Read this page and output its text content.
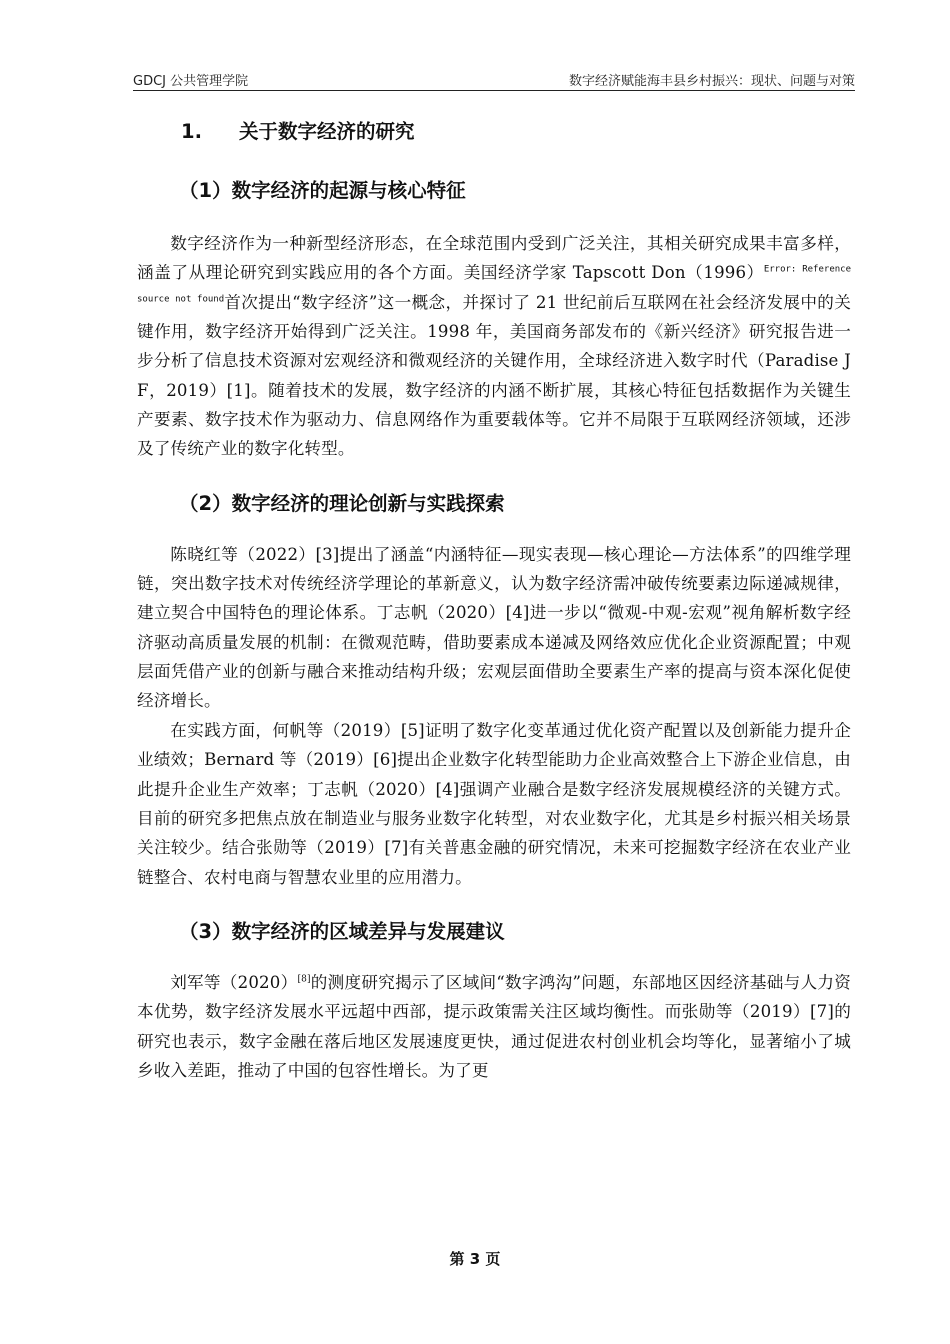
GDCJ 公共管理学院	数字经济赋能海丰县乡村振兴：现状、问题与对策
1. 关于数字经济的研究
（1）数字经济的起源与核心特征

数字经济作为一种新型经济形态，在全球范围内受到广泛关注，其相关研究成果丰富多样，涵盖了从理论研究到实践应用的各个方面。美国经济学家 Tapscott $Don(1996)^{Error: Reference source not found}$首次提出“数字经济”这一概念，并探讨了 21 世纪前后互联网在社会经济发展中的关键作用，数字经济开始得到广泛关注。1998 年，美国商务部发布的《新兴经济》研究报告进一步分析了信息技术资源对宏观经济和微观经济的关键作用，全球经济进入数字时代（Paradise J F，2019）[1]。随着技术的发展，数字经济的内涵不断扩展，其核心特征包括数据作为关键生产要素、数字技术作为驱动力、信息网络作为重要载体等。它并不局限于互联网经济领域，还涉及了传统产业的数字化转型。

（2）数字经济的理论创新与实践探索

陈晓红等（2022）[3]提出了涵盖“内涵特征—现实表现—核心理论—方法体系”的四维学理链，突出数字技术对传统经济学理论的革新意义，认为数字经济需冲破传统要素边际递减规律，建立契合中国特色的理论体系。丁志帆（2020）[4]进一步以“微观-中观-宏观”视角解析数字经济驱动高质量发展的机制：在微观范畴，借助要素成本递减及网络效应优化企业资源配置；中观层面凭借产业的创新与融合来推动结构升级；宏观层面借助全要素生产率的提高与资本深化促使经济增长。

在实践方面，何帆等（2019）[5]证明了数字化变革通过优化资产配置以及创新能力提升企业绩效；Bernard 等（2019）[6]提出企业数字化转型能助力企业高效整合上下游企业信息，由此提升企业生产效率；丁志帆（2020）[4]强调产业融合是数字经济发展规模经济的关键方式。目前的研究多把焦点放在制造业与服务业数字化转型，对农业数字化，尤其是乡村振兴相关场景关注较少。结合张勋等（2019）[7]有关普惠金融的研究情况，未来可挖掘数字经济在农业产业链整合、农村电商与智慧农业里的应用潜力。

（3）数字经济的区域差异与发展建议

刘军等（2020）[8]的测度研究揭示了区域间“数字鸿沟”问题，东部地区因经济基础与人力资本优势，数字经济发展水平远超中西部，提示政策需关注区域均衡性。而张勋等（2019）[7]的研究也表示，数字金融在落后地区发展速度更快，通过促进农村创业机会均等化，显著缩小了城乡收入差距，推动了中国的包容性增长。为了更

第 3 页
